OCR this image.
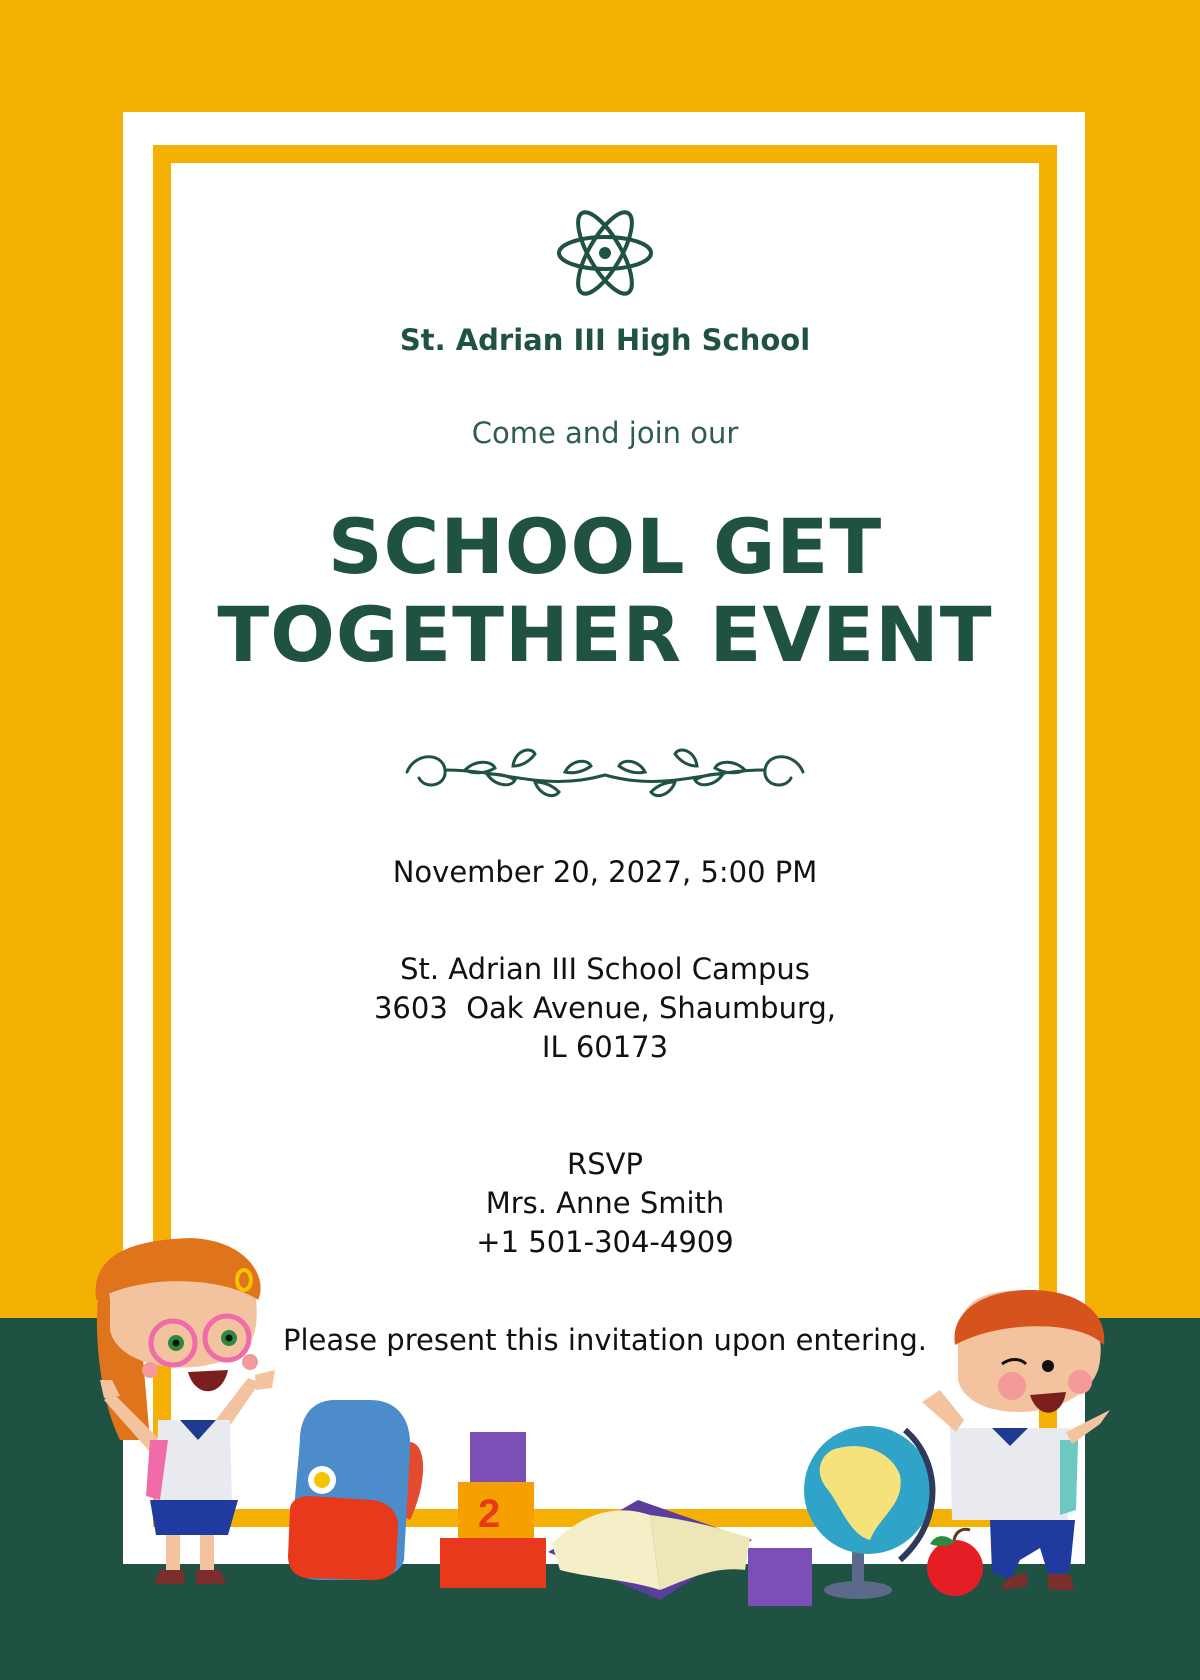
St. Adrian III High School
Come and join our
SCHOOL GET
TOGETHER EVENT
November 20, 2027, 5:00 PM
St. Adrian III School Campus
3603  Oak Avenue, Shaumburg,
IL 60173
RSVP
Mrs. Anne Smith
+1 501-304-4909
Please present this invitation upon entering.
2
